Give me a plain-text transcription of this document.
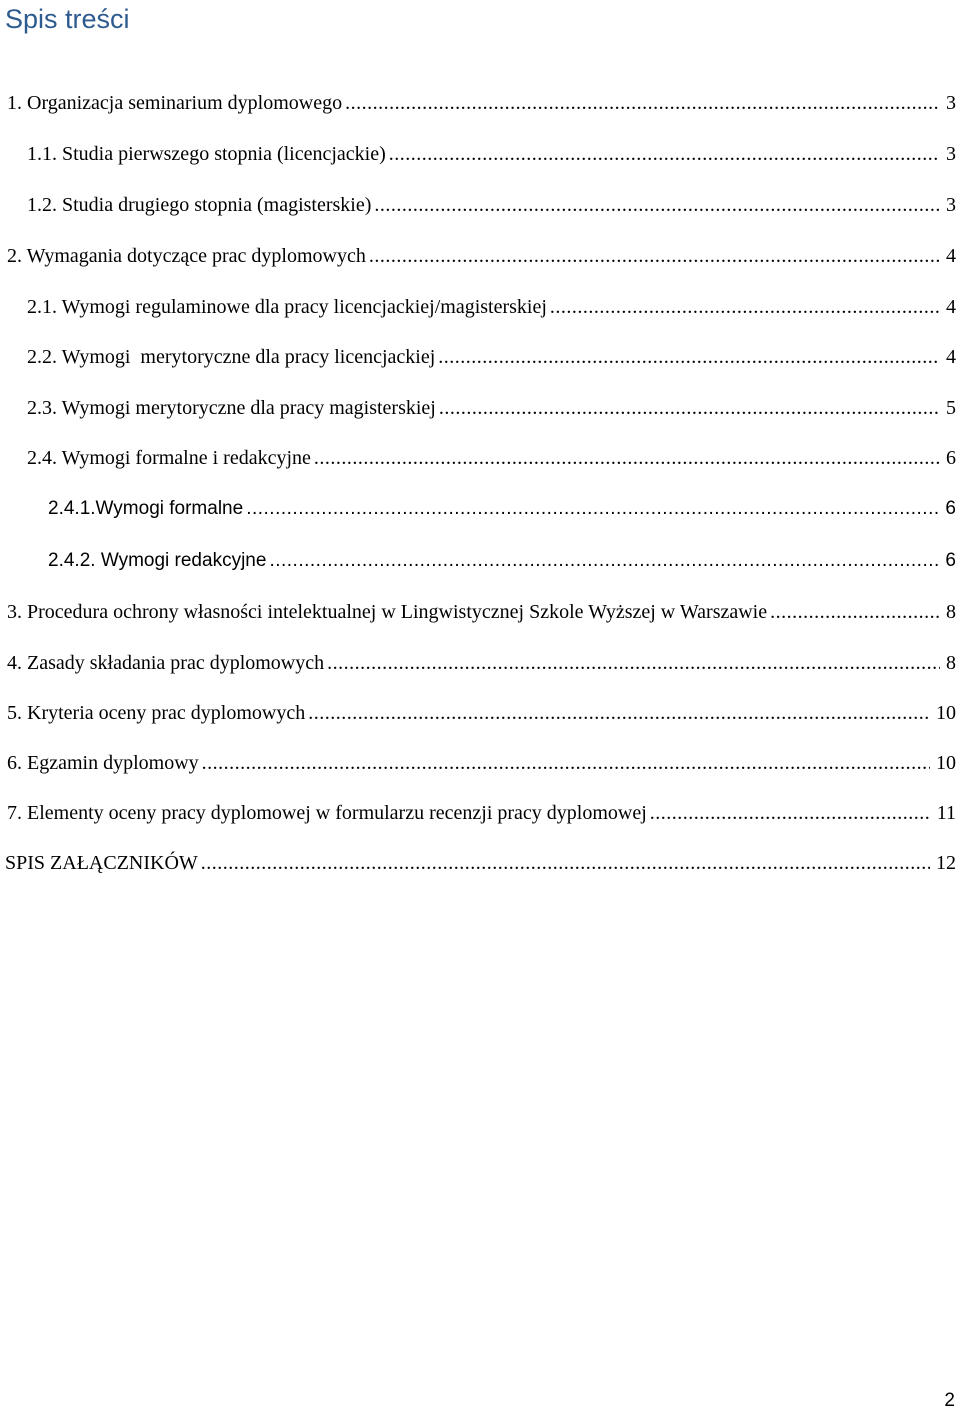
Spis treści
1. Organizacja seminarium dyplomowego .....	3
1.1. Studia pierwszego stopnia (licencjackie) .....	3
1.2. Studia drugiego stopnia (magisterskie) .....	3
2. Wymagania dotyczące prac dyplomowych .....	4
2.1. Wymogi regulaminowe dla pracy licencjackiej/magisterskiej .....	4
2.2. Wymogi  merytoryczne dla pracy licencjackiej .....	4
2.3. Wymogi merytoryczne dla pracy magisterskiej .....	5
2.4. Wymogi formalne i redakcyjne .....	6
2.4.1.Wymogi formalne .....	6
2.4.2. Wymogi redakcyjne .....	6
3. Procedura ochrony własności intelektualnej w Lingwistycznej Szkole Wyższej w Warszawie .....	8
4. Zasady składania prac dyplomowych .....	8
5. Kryteria oceny prac dyplomowych .....	10
6. Egzamin dyplomowy .....	10
7. Elementy oceny pracy dyplomowej w formularzu recenzji pracy dyplomowej .....	11
SPIS ZAŁĄCZNIKÓW .....	12
2
